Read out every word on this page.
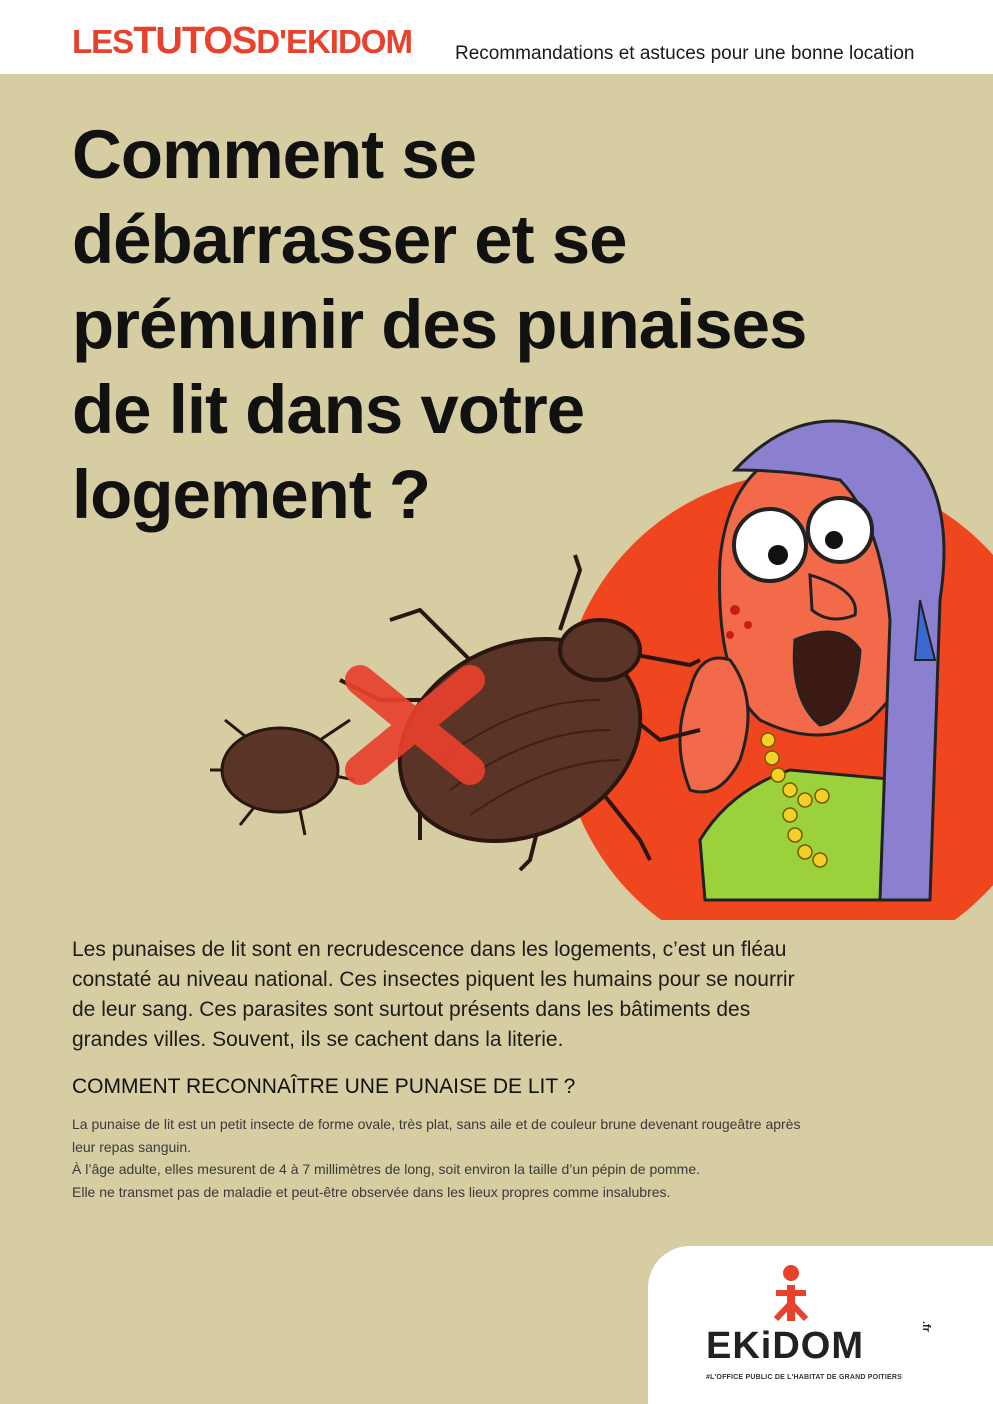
LESTUTOSD'EKIDOM Recommandations et astuces pour une bonne location
Comment se
débarrasser et se
prémunir des punaises
de lit dans votre
logement ?

Les punaises de lit sont en recrudescence dans les logements, c’est un fléau
constaté au niveau national. Ces insectes piquent les humains pour se nourrir
de leur sang. Ces parasites sont surtout présents dans les bâtiments des
grandes villes. Souvent, ils se cachent dans la literie.

COMMENT RECONNAÎTRE UNE PUNAISE DE LIT ?

La punaise de lit est un petit insecte de forme ovale, très plat, sans aile et de couleur brune devenant rougeâtre après
leur repas sanguin.
À l’âge adulte, elles mesurent de 4 à 7 millimètres de long, soit environ la taille d’un pépin de pomme.
Elle ne transmet pas de maladie et peut-être observée dans les lieux propres comme insalubres.

EKiDOM	.fr
#L'OFFICE PUBLIC DE L'HABITAT DE GRAND POITIERS
